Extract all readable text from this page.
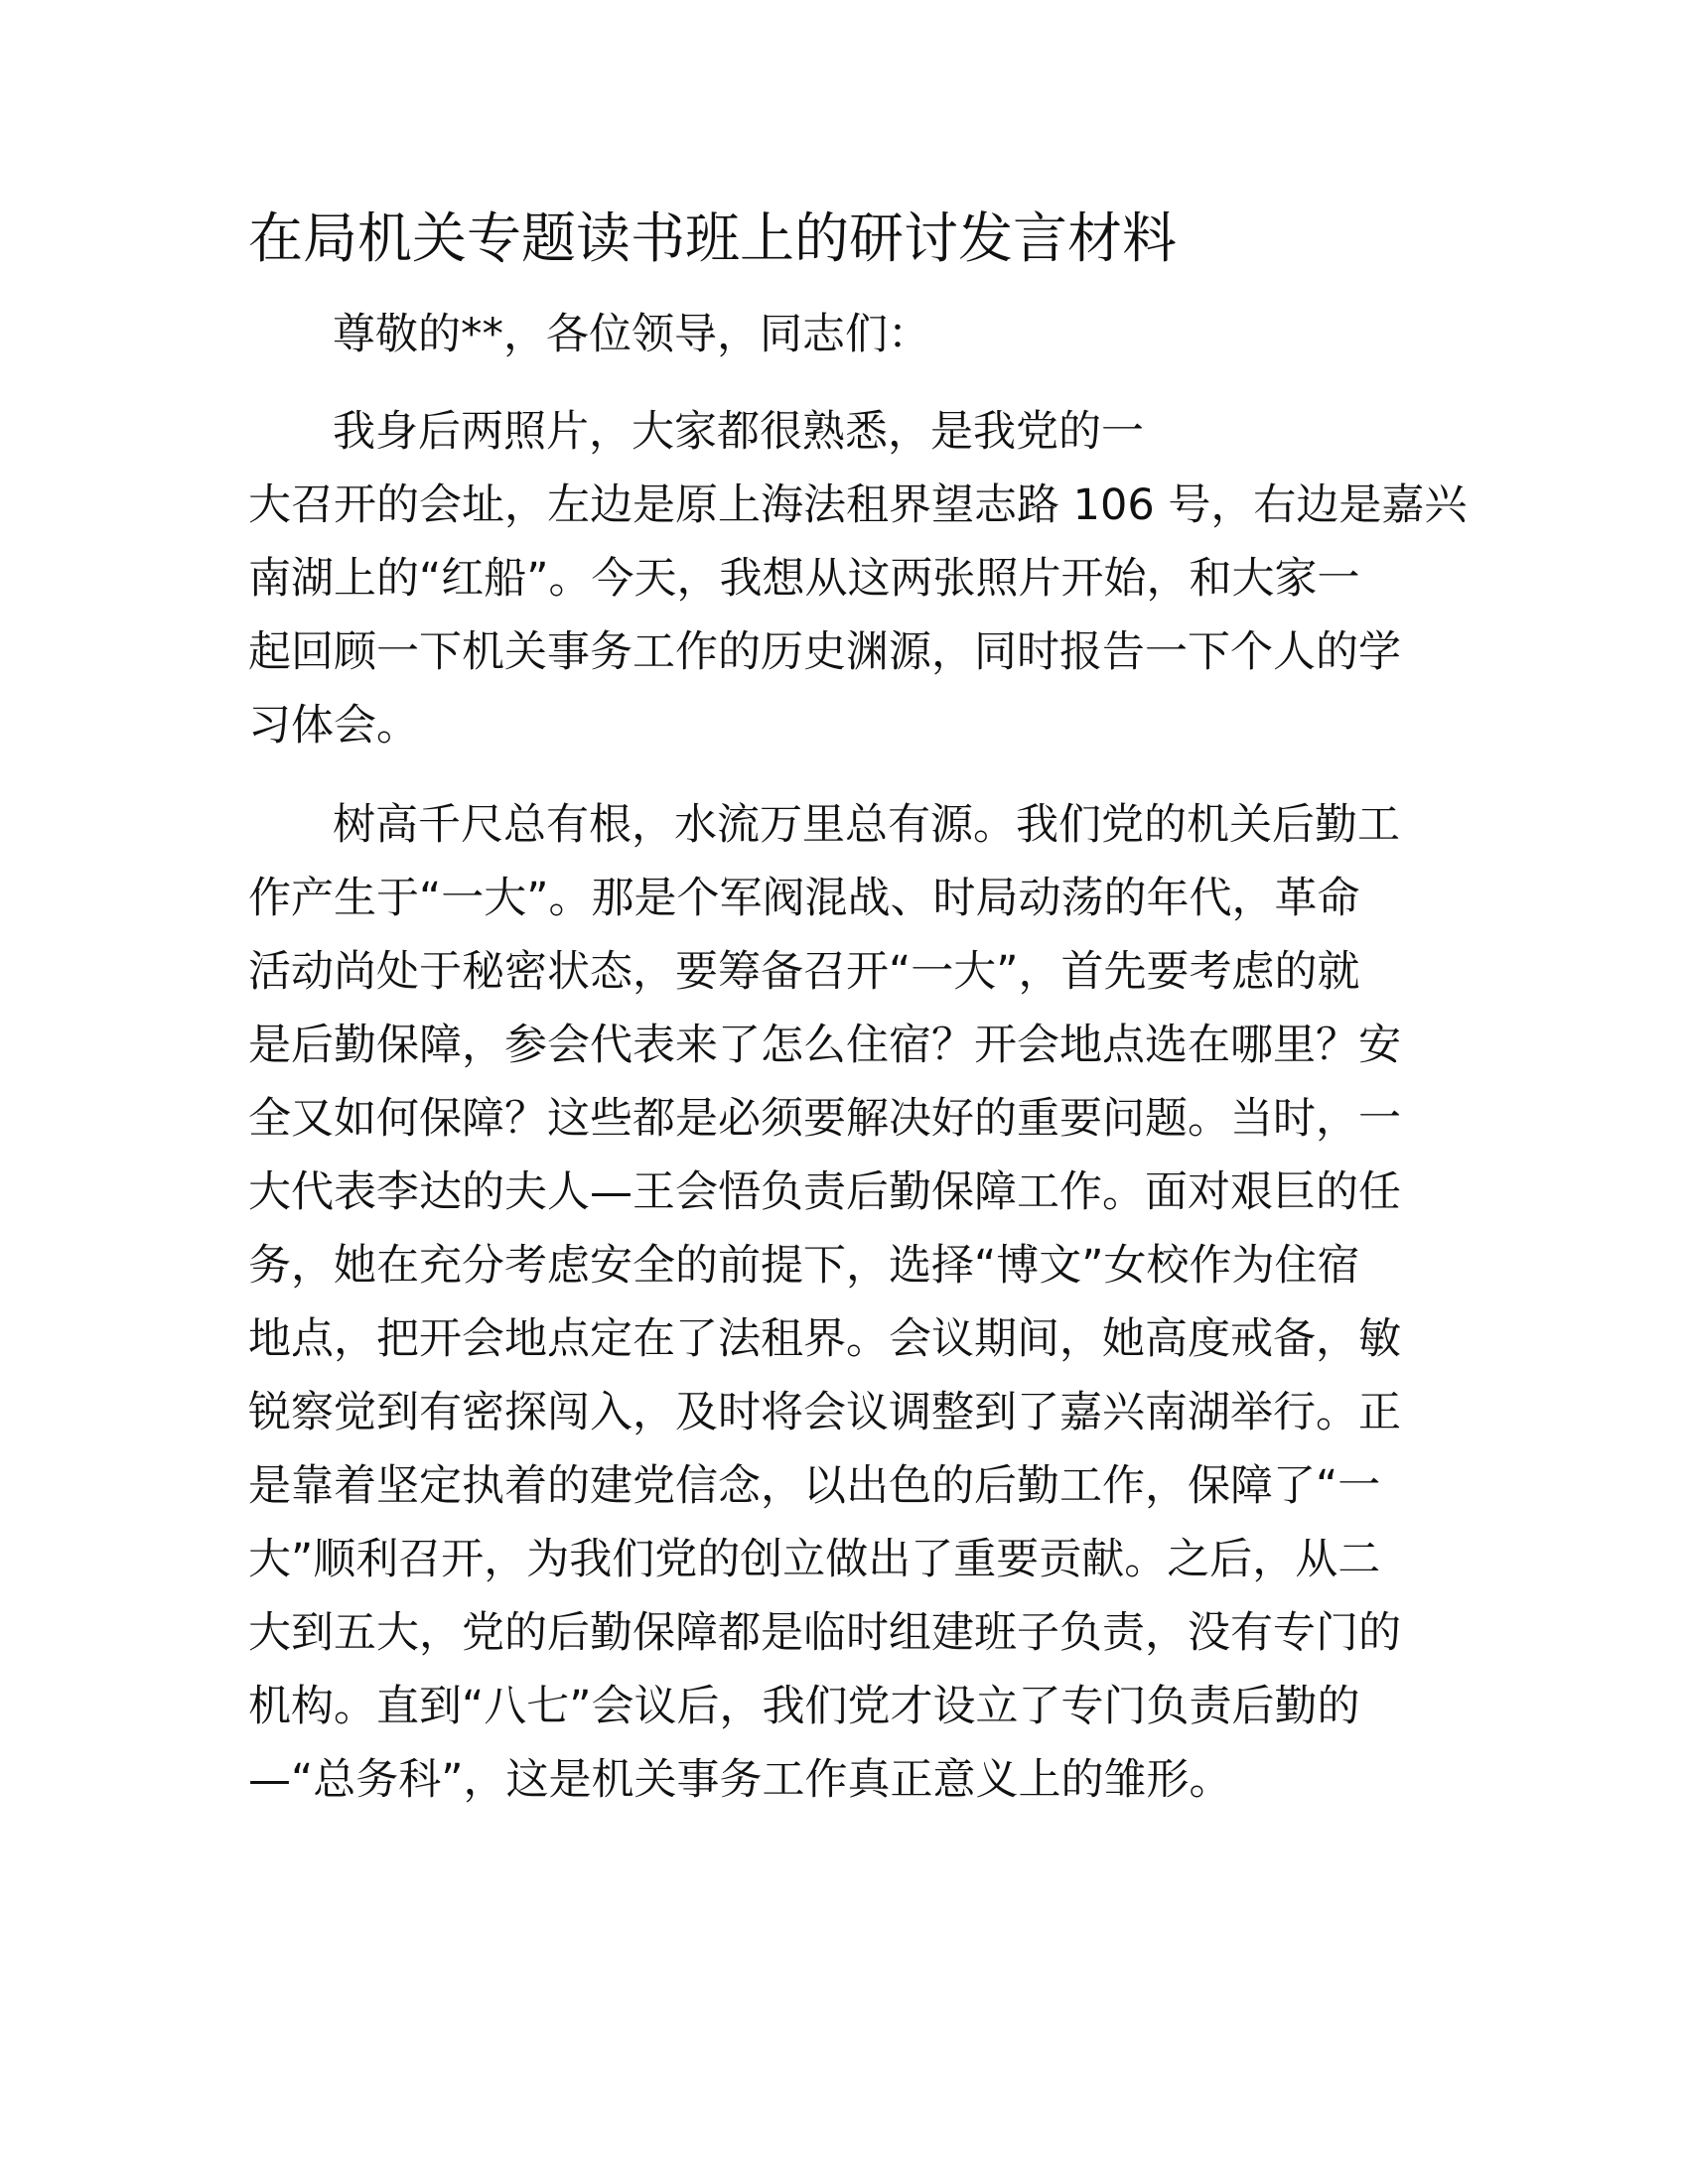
在局机关专题读书班上的研讨发言材料
尊敬的**，各位领导，同志们：
我身后两照片，大家都很熟悉，是我党的一
大召开的会址，左边是原上海法租界望志路 106 号，右边是嘉兴
南湖上的“红船”。今天，我想从这两张照片开始，和大家一
起回顾一下机关事务工作的历史渊源，同时报告一下个人的学
习体会。
树高千尺总有根，水流万里总有源。我们党的机关后勤工
作产生于“一大”。那是个军阀混战、时局动荡的年代，革命
活动尚处于秘密状态，要筹备召开“一大”，首先要考虑的就
是后勤保障，参会代表来了怎么住宿？开会地点选在哪里？安
全又如何保障？这些都是必须要解决好的重要问题。当时，一
大代表李达的夫人—王会悟负责后勤保障工作。面对艰巨的任
务，她在充分考虑安全的前提下，选择“博文”女校作为住宿
地点，把开会地点定在了法租界。会议期间，她高度戒备，敏
锐察觉到有密探闯入，及时将会议调整到了嘉兴南湖举行。正
是靠着坚定执着的建党信念，以出色的后勤工作，保障了“一
大”顺利召开，为我们党的创立做出了重要贡献。之后，从二
大到五大，党的后勤保障都是临时组建班子负责，没有专门的
机构。直到“八七”会议后，我们党才设立了专门负责后勤的
—“总务科”，这是机关事务工作真正意义上的雏形。
